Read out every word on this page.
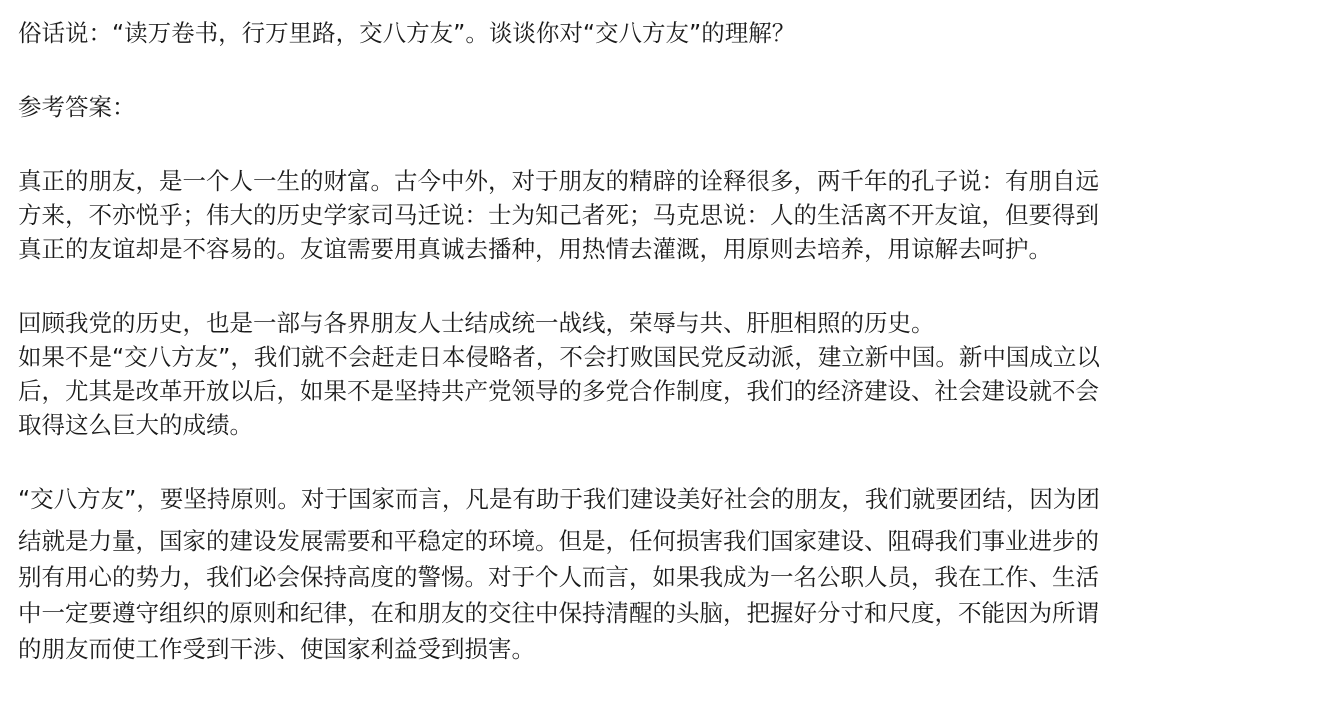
俗话说：“读万卷书，行万里路，交八方友”。谈谈你对“交八方友”的理解？
参考答案：
真正的朋友，是一个人一生的财富。古今中外，对于朋友的精辟的诠释很多，两千年的孔子说：有朋自远
方来，不亦悦乎；伟大的历史学家司马迁说：士为知己者死；马克思说：人的生活离不开友谊，但要得到
真正的友谊却是不容易的。友谊需要用真诚去播种，用热情去灌溉，用原则去培养，用谅解去呵护。
回顾我党的历史，也是一部与各界朋友人士结成统一战线，荣辱与共、肝胆相照的历史。
如果不是“交八方友”，我们就不会赶走日本侵略者，不会打败国民党反动派，建立新中国。新中国成立以
后，尤其是改革开放以后，如果不是坚持共产党领导的多党合作制度，我们的经济建设、社会建设就不会
取得这么巨大的成绩。
“交八方友”，要坚持原则。对于国家而言，凡是有助于我们建设美好社会的朋友，我们就要团结，因为团
结就是力量，国家的建设发展需要和平稳定的环境。但是，任何损害我们国家建设、阻碍我们事业进步的
别有用心的势力，我们必会保持高度的警惕。对于个人而言，如果我成为一名公职人员，我在工作、生活
中一定要遵守组织的原则和纪律，在和朋友的交往中保持清醒的头脑，把握好分寸和尺度，不能因为所谓
的朋友而使工作受到干涉、使国家利益受到损害。
